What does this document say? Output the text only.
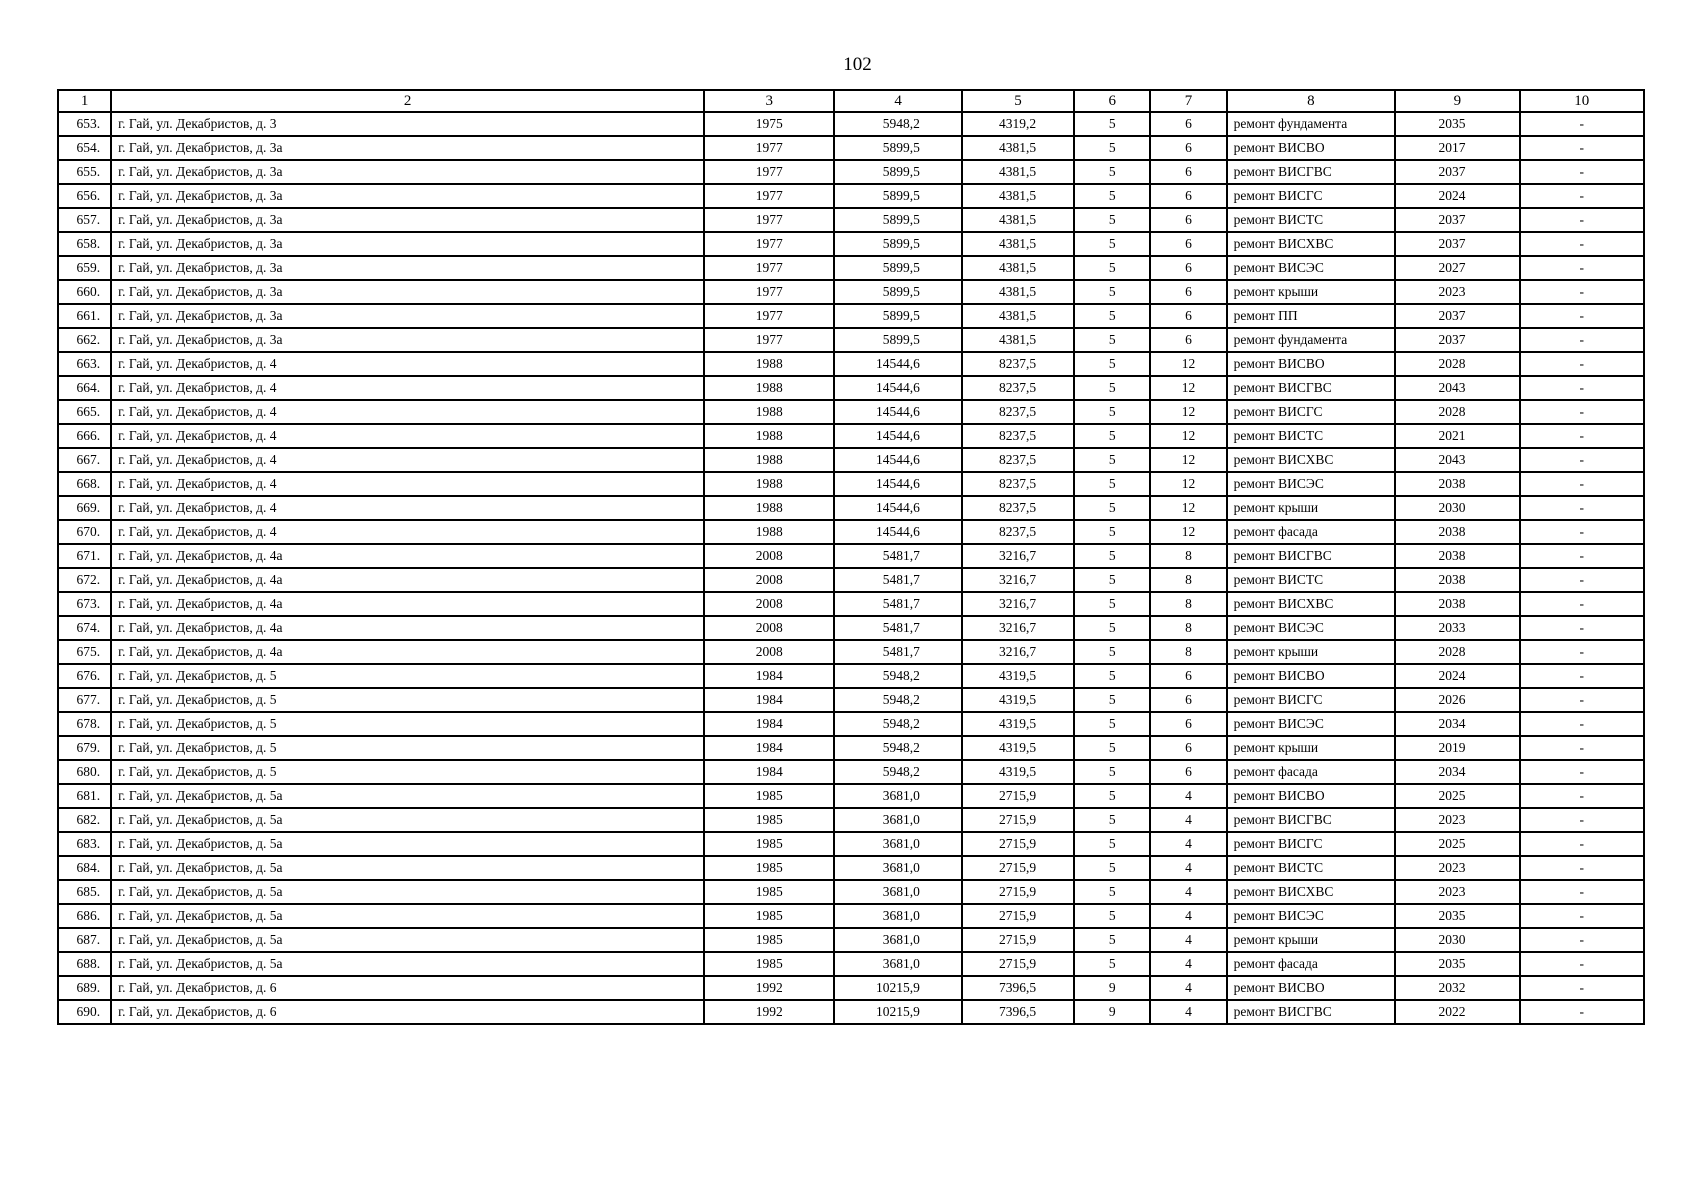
102
1	2	3	4	5	6	7	8	9	10
653.	г. Гай, ул. Декабристов, д. 3	1975	5948,2	4319,2	5	6	ремонт фундамента	2035	-
654.	г. Гай, ул. Декабристов, д. 3а	1977	5899,5	4381,5	5	6	ремонт ВИСВО	2017	-
655.	г. Гай, ул. Декабристов, д. 3а	1977	5899,5	4381,5	5	6	ремонт ВИСГВС	2037	-
656.	г. Гай, ул. Декабристов, д. 3а	1977	5899,5	4381,5	5	6	ремонт ВИСГС	2024	-
657.	г. Гай, ул. Декабристов, д. 3а	1977	5899,5	4381,5	5	6	ремонт ВИСТС	2037	-
658.	г. Гай, ул. Декабристов, д. 3а	1977	5899,5	4381,5	5	6	ремонт ВИСХВС	2037	-
659.	г. Гай, ул. Декабристов, д. 3а	1977	5899,5	4381,5	5	6	ремонт ВИСЭС	2027	-
660.	г. Гай, ул. Декабристов, д. 3а	1977	5899,5	4381,5	5	6	ремонт крыши	2023	-
661.	г. Гай, ул. Декабристов, д. 3а	1977	5899,5	4381,5	5	6	ремонт ПП	2037	-
662.	г. Гай, ул. Декабристов, д. 3а	1977	5899,5	4381,5	5	6	ремонт фундамента	2037	-
663.	г. Гай, ул. Декабристов, д. 4	1988	14544,6	8237,5	5	12	ремонт ВИСВО	2028	-
664.	г. Гай, ул. Декабристов, д. 4	1988	14544,6	8237,5	5	12	ремонт ВИСГВС	2043	-
665.	г. Гай, ул. Декабристов, д. 4	1988	14544,6	8237,5	5	12	ремонт ВИСГС	2028	-
666.	г. Гай, ул. Декабристов, д. 4	1988	14544,6	8237,5	5	12	ремонт ВИСТС	2021	-
667.	г. Гай, ул. Декабристов, д. 4	1988	14544,6	8237,5	5	12	ремонт ВИСХВС	2043	-
668.	г. Гай, ул. Декабристов, д. 4	1988	14544,6	8237,5	5	12	ремонт ВИСЭС	2038	-
669.	г. Гай, ул. Декабристов, д. 4	1988	14544,6	8237,5	5	12	ремонт крыши	2030	-
670.	г. Гай, ул. Декабристов, д. 4	1988	14544,6	8237,5	5	12	ремонт фасада	2038	-
671.	г. Гай, ул. Декабристов, д. 4а	2008	5481,7	3216,7	5	8	ремонт ВИСГВС	2038	-
672.	г. Гай, ул. Декабристов, д. 4а	2008	5481,7	3216,7	5	8	ремонт ВИСТС	2038	-
673.	г. Гай, ул. Декабристов, д. 4а	2008	5481,7	3216,7	5	8	ремонт ВИСХВС	2038	-
674.	г. Гай, ул. Декабристов, д. 4а	2008	5481,7	3216,7	5	8	ремонт ВИСЭС	2033	-
675.	г. Гай, ул. Декабристов, д. 4а	2008	5481,7	3216,7	5	8	ремонт крыши	2028	-
676.	г. Гай, ул. Декабристов, д. 5	1984	5948,2	4319,5	5	6	ремонт ВИСВО	2024	-
677.	г. Гай, ул. Декабристов, д. 5	1984	5948,2	4319,5	5	6	ремонт ВИСГС	2026	-
678.	г. Гай, ул. Декабристов, д. 5	1984	5948,2	4319,5	5	6	ремонт ВИСЭС	2034	-
679.	г. Гай, ул. Декабристов, д. 5	1984	5948,2	4319,5	5	6	ремонт крыши	2019	-
680.	г. Гай, ул. Декабристов, д. 5	1984	5948,2	4319,5	5	6	ремонт фасада	2034	-
681.	г. Гай, ул. Декабристов, д. 5а	1985	3681,0	2715,9	5	4	ремонт ВИСВО	2025	-
682.	г. Гай, ул. Декабристов, д. 5а	1985	3681,0	2715,9	5	4	ремонт ВИСГВС	2023	-
683.	г. Гай, ул. Декабристов, д. 5а	1985	3681,0	2715,9	5	4	ремонт ВИСГС	2025	-
684.	г. Гай, ул. Декабристов, д. 5а	1985	3681,0	2715,9	5	4	ремонт ВИСТС	2023	-
685.	г. Гай, ул. Декабристов, д. 5а	1985	3681,0	2715,9	5	4	ремонт ВИСХВС	2023	-
686.	г. Гай, ул. Декабристов, д. 5а	1985	3681,0	2715,9	5	4	ремонт ВИСЭС	2035	-
687.	г. Гай, ул. Декабристов, д. 5а	1985	3681,0	2715,9	5	4	ремонт крыши	2030	-
688.	г. Гай, ул. Декабристов, д. 5а	1985	3681,0	2715,9	5	4	ремонт фасада	2035	-
689.	г. Гай, ул. Декабристов, д. 6	1992	10215,9	7396,5	9	4	ремонт ВИСВО	2032	-
690.	г. Гай, ул. Декабристов, д. 6	1992	10215,9	7396,5	9	4	ремонт ВИСГВС	2022	-
